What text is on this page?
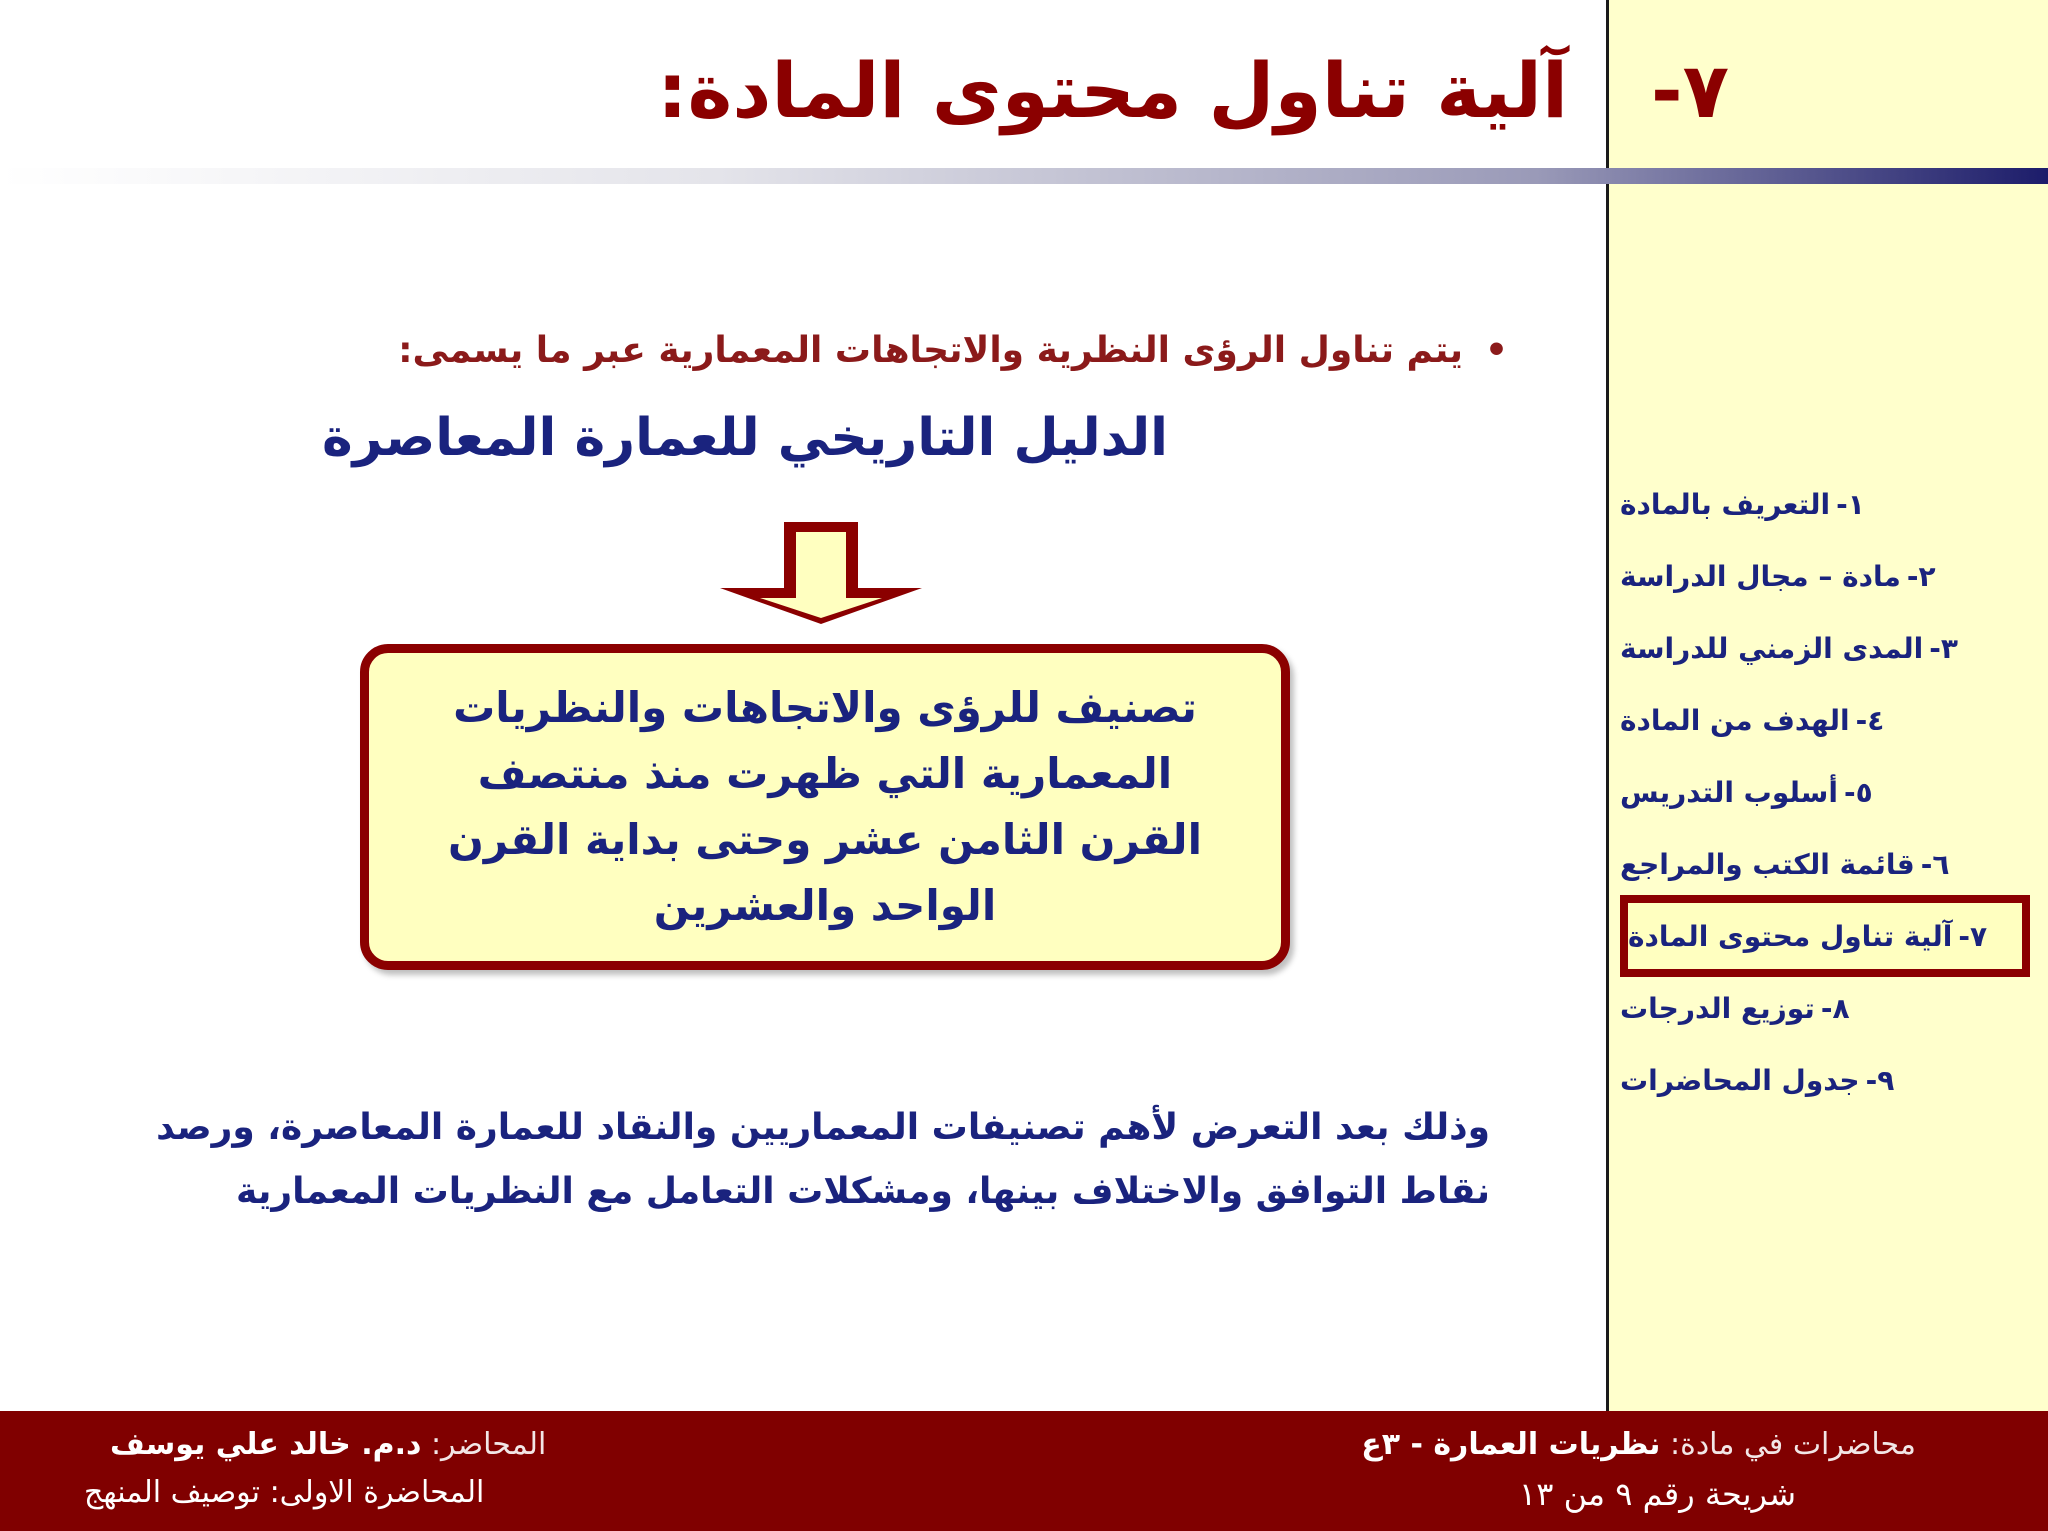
٧-
آلية تناول محتوى المادة:
•يتم تناول الرؤى النظرية والاتجاهات المعمارية عبر ما يسمى:
الدليل التاريخي للعمارة المعاصرة
تصنيف للرؤى والاتجاهات والنظريات المعمارية التي ظهرت منذ منتصف القرن الثامن عشر وحتى بداية القرن الواحد والعشرين
وذلك بعد التعرض لأهم تصنيفات المعماريين والنقاد للعمارة المعاصرة، ورصد نقاط التوافق والاختلاف بينها، ومشكلات التعامل مع النظريات المعمارية
١-
التعريف بالمادة
٢-
مادة – مجال الدراسة
٣-
المدى الزمني للدراسة
٤-
الهدف من المادة
٥-
أسلوب التدريس
٦-
قائمة الكتب والمراجع
٧-
آلية تناول محتوى المادة
٨-
توزيع الدرجات
٩-
جدول المحاضرات
محاضرات في مادة: نظريات العمارة - ٣ع
شريحة رقم ٩ من ١٣
المحاضر: د.م. خالد علي يوسف
المحاضرة الاولى: توصيف المنهج
